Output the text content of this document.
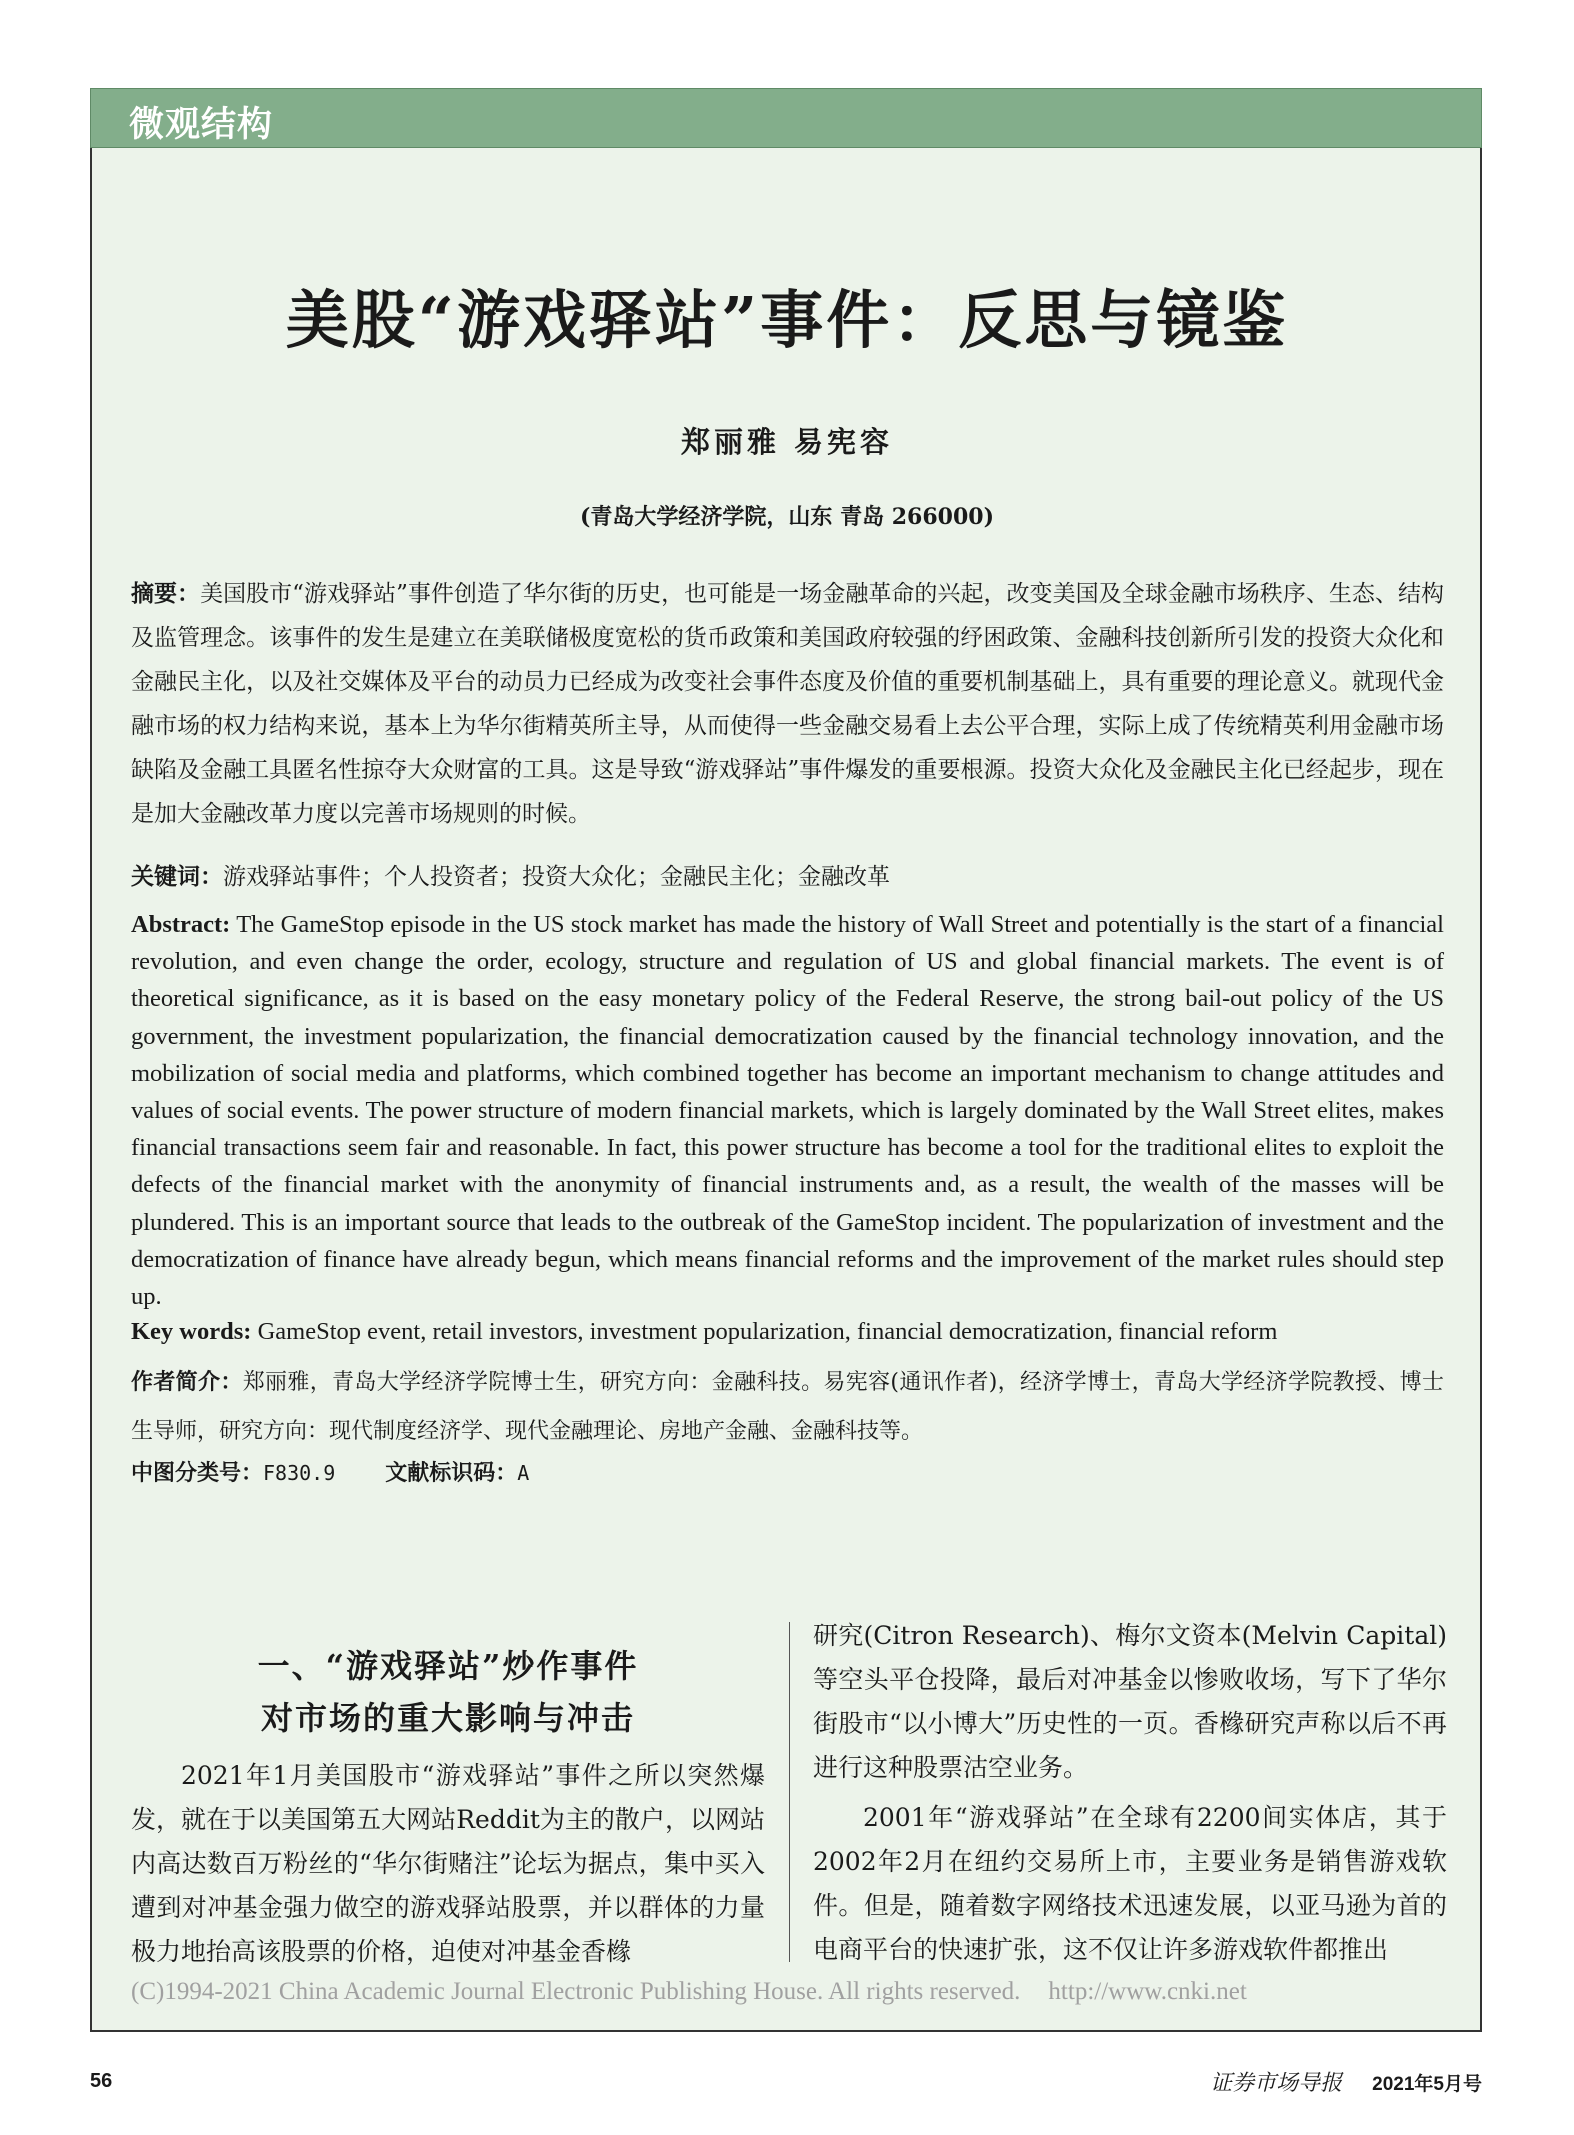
微观结构
美股“游戏驿站”事件：反思与镜鉴
郑丽雅 易宪容
(青岛大学经济学院，山东 青岛 266000)
摘要：美国股市“游戏驿站”事件创造了华尔街的历史，也可能是一场金融革命的兴起，改变美国及全球金融市场秩序、生态、结构及监管理念。该事件的发生是建立在美联储极度宽松的货币政策和美国政府较强的纾困政策、金融科技创新所引发的投资大众化和金融民主化，以及社交媒体及平台的动员力已经成为改变社会事件态度及价值的重要机制基础上，具有重要的理论意义。就现代金融市场的权力结构来说，基本上为华尔街精英所主导，从而使得一些金融交易看上去公平合理，实际上成了传统精英利用金融市场缺陷及金融工具匿名性掠夺大众财富的工具。这是导致“游戏驿站”事件爆发的重要根源。投资大众化及金融民主化已经起步，现在是加大金融改革力度以完善市场规则的时候。
关键词：游戏驿站事件；个人投资者；投资大众化；金融民主化；金融改革
Abstract: The GameStop episode in the US stock market has made the history of Wall Street and potentially is the start of a financial revolution, and even change the order, ecology, structure and regulation of US and global financial markets. The event is of theoretical significance, as it is based on the easy monetary policy of the Federal Reserve, the strong bail-out policy of the US government, the investment popularization, the financial democratization caused by the financial technology innovation, and the mobilization of social media and platforms, which combined together has become an important mechanism to change attitudes and values of social events. The power structure of modern financial markets, which is largely dominated by the Wall Street elites, makes financial transactions seem fair and reasonable. In fact, this power structure has become a tool for the traditional elites to exploit the defects of the financial market with the anonymity of financial instruments and, as a result, the wealth of the masses will be plundered. This is an important source that leads to the outbreak of the GameStop incident. The popularization of investment and the democratization of finance have already begun, which means financial reforms and the improvement of the market rules should step up.
Key words: GameStop event, retail investors, investment popularization, financial democratization, financial reform
作者简介：郑丽雅，青岛大学经济学院博士生，研究方向：金融科技。易宪容(通讯作者)，经济学博士，青岛大学经济学院教授、博士生导师，研究方向：现代制度经济学、现代金融理论、房地产金融、金融科技等。
中图分类号：F830.9 文献标识码：A
一、“游戏驿站”炒作事件
对市场的重大影响与冲击

2021年1月美国股市“游戏驿站”事件之所以突然爆发，就在于以美国第五大网站Reddit为主的散户，以网站内高达数百万粉丝的“华尔街赌注”论坛为据点，集中买入遭到对冲基金强力做空的游戏驿站股票，并以群体的力量极力地抬高该股票的价格，迫使对冲基金香橼

研究(Citron Research)、梅尔文资本(Melvin Capital)等空头平仓投降，最后对冲基金以惨败收场，写下了华尔街股市“以小博大”历史性的一页。香橼研究声称以后不再进行这种股票沽空业务。

2001年“游戏驿站”在全球有2200间实体店，其于2002年2月在纽约交易所上市，主要业务是销售游戏软件。但是，随着数字网络技术迅速发展，以亚马逊为首的电商平台的快速扩张，这不仅让许多游戏软件都推出

(C)1994-2021 China Academic Journal Electronic Publishing House. All rights reserved. http://www.cnki.net
56	证券市场导报 2021年5月号
